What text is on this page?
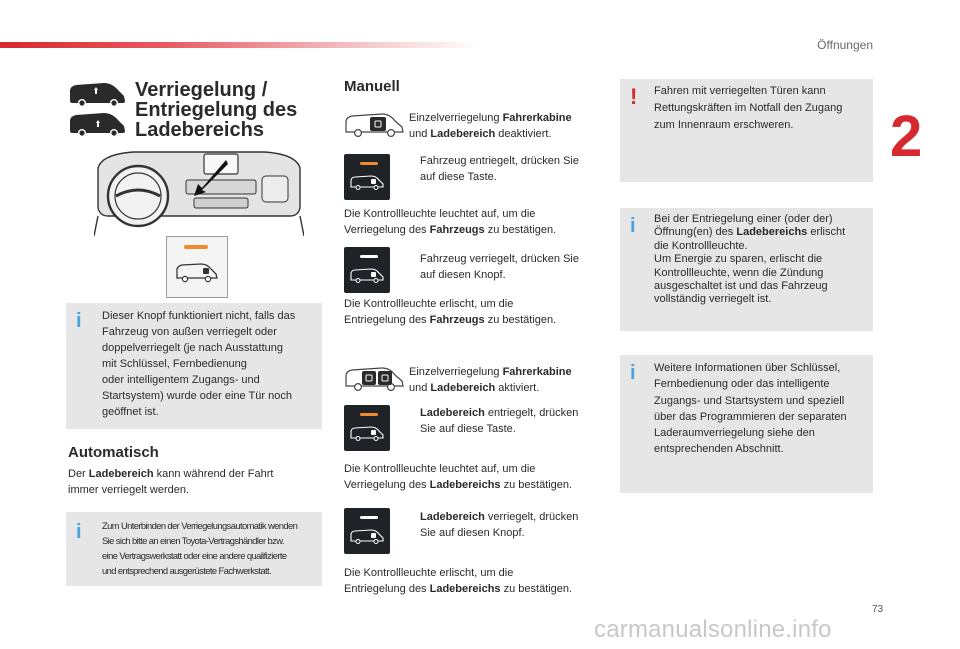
Öffnungen
2
Verriegelung /
Entriegelung des
Ladebereichs
i Dieser Knopf funktioniert nicht, falls das
Fahrzeug von außen verriegelt oder
doppelverriegelt (je nach Ausstattung
mit Schlüssel, Fernbedienung
oder intelligentem Zugangs- und
Startsystem) wurde oder eine Tür noch
geöffnet ist.
Automatisch
Der Ladebereich kann während der Fahrt
immer verriegelt werden.
i Zum Unterbinden der Verriegelungsautomatik wenden
Sie sich bitte an einen Toyota-Vertragshändler bzw.
eine Vertragswerkstatt oder eine andere qualifizierte
und entsprechend ausgerüstete Fachwerkstatt.
Manuell
Einzelverriegelung Fahrerkabine
und Ladebereich deaktiviert.
Fahrzeug entriegelt, drücken Sie
auf diese Taste.
Die Kontrollleuchte leuchtet auf, um die
Verriegelung des Fahrzeugs zu bestätigen.
Fahrzeug verriegelt, drücken Sie
auf diesen Knopf.
Die Kontrollleuchte erlischt, um die
Entriegelung des Fahrzeugs zu bestätigen.
Einzelverriegelung Fahrerkabine
und Ladebereich aktiviert.
Ladebereich entriegelt, drücken
Sie auf diese Taste.
Die Kontrollleuchte leuchtet auf, um die
Verriegelung des Ladebereichs zu bestätigen.
Ladebereich verriegelt, drücken
Sie auf diesen Knopf.
Die Kontrollleuchte erlischt, um die
Entriegelung des Ladebereichs zu bestätigen.
! Fahren mit verriegelten Türen kann
Rettungskräften im Notfall den Zugang
zum Innenraum erschweren.
i Bei der Entriegelung einer (oder der)
Öffnung(en) des Ladebereichs erlischt
die Kontrollleuchte.
Um Energie zu sparen, erlischt die
Kontrollleuchte, wenn die Zündung
ausgeschaltet ist und das Fahrzeug
vollständig verriegelt ist.
i Weitere Informationen über Schlüssel,
Fernbedienung oder das intelligente
Zugangs- und Startsystem und speziell
über das Programmieren der separaten
Laderaumverriegelung siehe den
entsprechenden Abschnitt.
73
carmanualsonline.info
